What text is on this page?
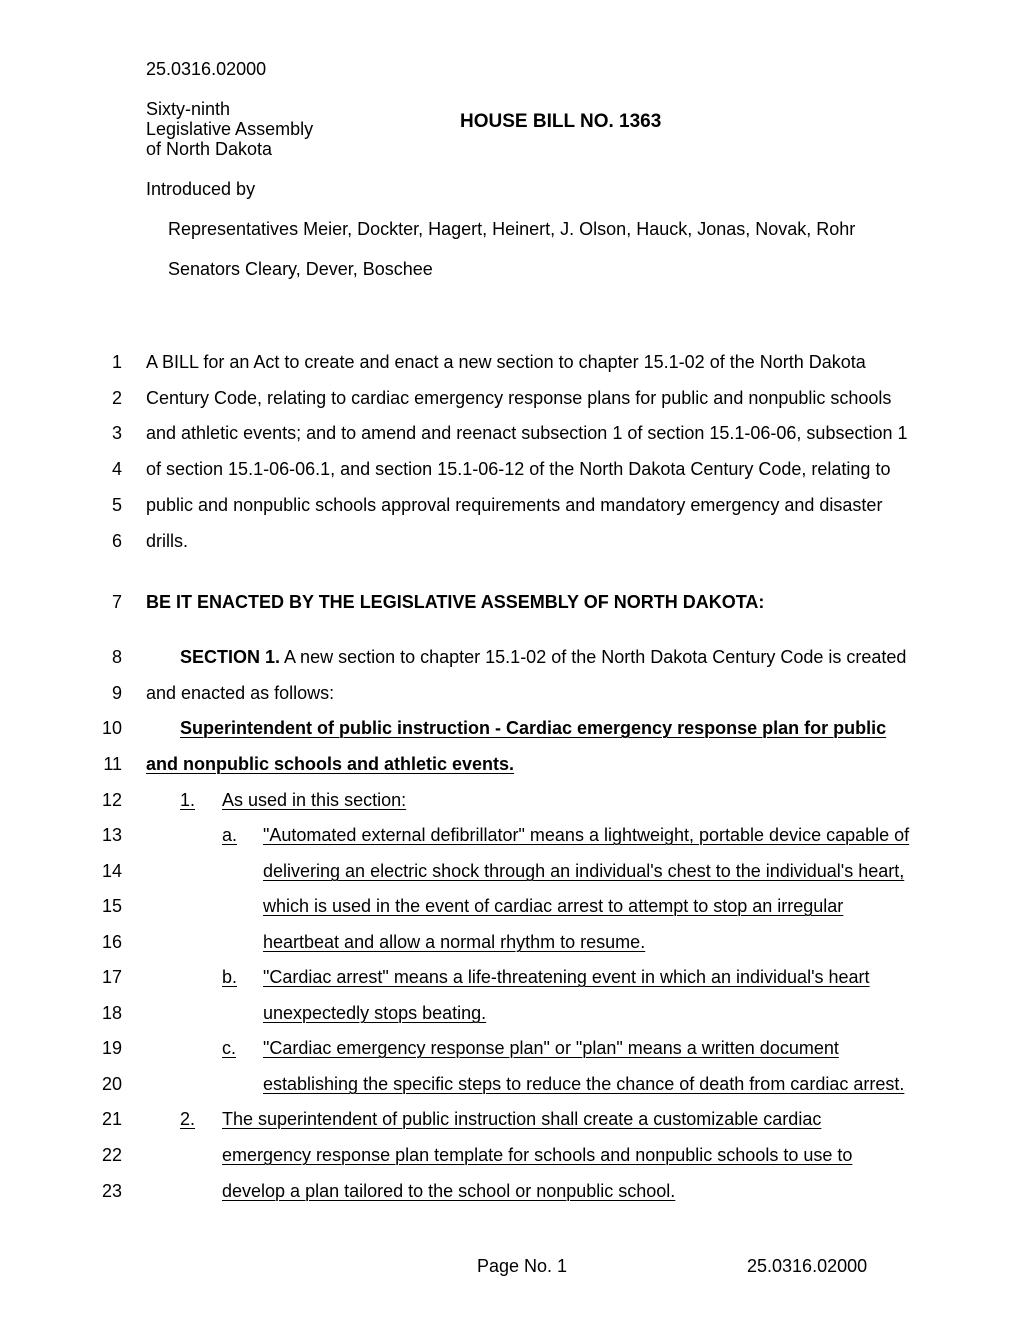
25.0316.02000
Sixty-ninth
Legislative Assembly
of North Dakota
HOUSE BILL NO. 1363
Introduced by
Representatives Meier, Dockter, Hagert, Heinert, J. Olson, Hauck, Jonas, Novak, Rohr
Senators Cleary, Dever, Boschee
1 A BILL for an Act to create and enact a new section to chapter 15.1-02 of the North Dakota
2 Century Code, relating to cardiac emergency response plans for public and nonpublic schools
3 and athletic events; and to amend and reenact subsection 1 of section 15.1-06-06, subsection 1
4 of section 15.1-06-06.1, and section 15.1-06-12 of the North Dakota Century Code, relating to
5 public and nonpublic schools approval requirements and mandatory emergency and disaster
6 drills.
7 BE IT ENACTED BY THE LEGISLATIVE ASSEMBLY OF NORTH DAKOTA:
8	SECTION 1. A new section to chapter 15.1-02 of the North Dakota Century Code is created
9 and enacted as follows:
10	Superintendent of public instruction - Cardiac emergency response plan for public
11 and nonpublic schools and athletic events.
12	1. As used in this section:
13	a. "Automated external defibrillator" means a lightweight, portable device capable of
14	delivering an electric shock through an individual's chest to the individual's heart,
15	which is used in the event of cardiac arrest to attempt to stop an irregular
16	heartbeat and allow a normal rhythm to resume.
17	b. "Cardiac arrest" means a life-threatening event in which an individual's heart
18	unexpectedly stops beating.
19	c. "Cardiac emergency response plan" or "plan" means a written document
20	establishing the specific steps to reduce the chance of death from cardiac arrest.
21	2. The superintendent of public instruction shall create a customizable cardiac
22	emergency response plan template for schools and nonpublic schools to use to
23	develop a plan tailored to the school or nonpublic school.
Page No. 1	25.0316.02000
